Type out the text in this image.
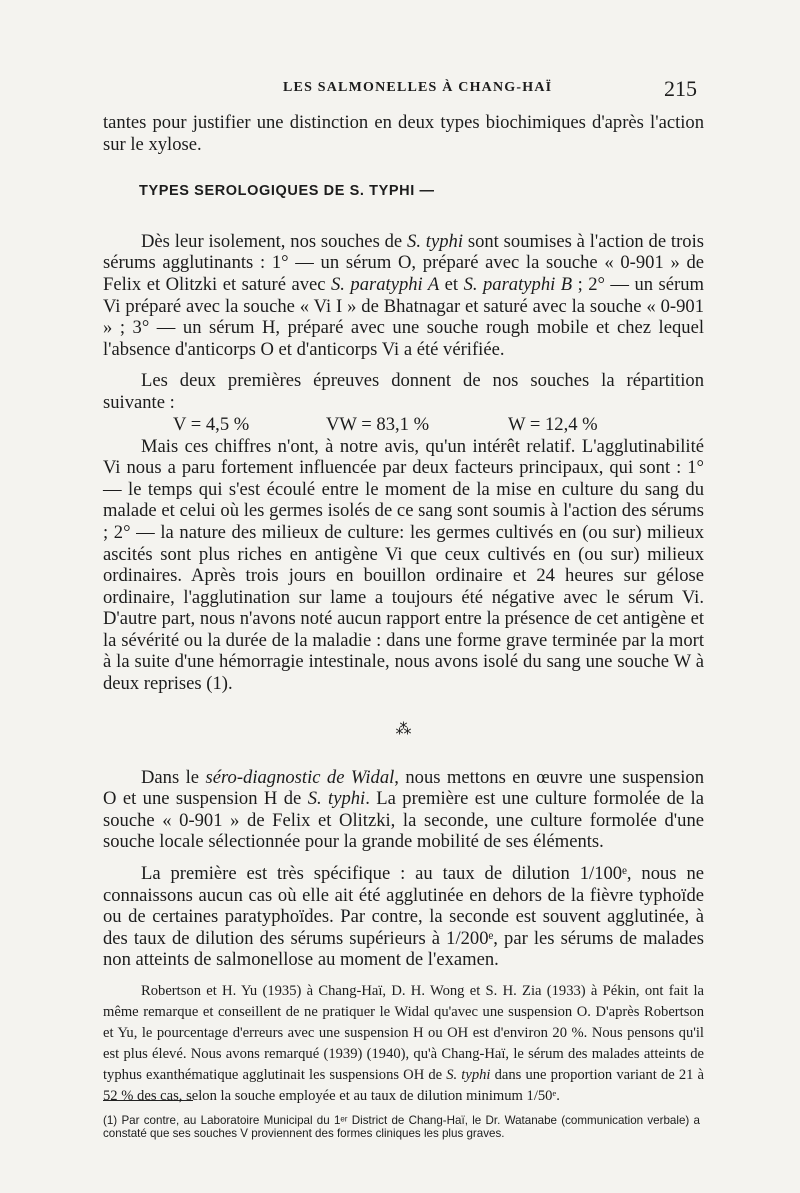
LES SALMONELLES À CHANG-HAÏ	215

tantes pour justifier une distinction en deux types biochimiques d'après l'action sur le xylose.

TYPES SEROLOGIQUES DE S. TYPHI —

Dès leur isolement, nos souches de S. typhi sont soumises à l'action de trois sérums agglutinants : 1° — un sérum O, préparé avec la souche « 0-901 » de Felix et Olitzki et saturé avec S. paratyphi A et S. paratyphi B ; 2° — un sérum Vi préparé avec la souche « Vi I » de Bhatnagar et saturé avec la souche « 0-901 » ; 3° — un sérum H, préparé avec une souche rough mobile et chez lequel l'absence d'anticorps O et d'anticorps Vi a été vérifiée.

Les deux premières épreuves donnent de nos souches la répartition suivante :

V = 4,5 %	VW = 83,1 %	W = 12,4 %

Mais ces chiffres n'ont, à notre avis, qu'un intérêt relatif. L'agglutinabilité Vi nous a paru fortement influencée par deux facteurs principaux, qui sont : 1° — le temps qui s'est écoulé entre le moment de la mise en culture du sang du malade et celui où les germes isolés de ce sang sont soumis à l'action des sérums ; 2° — la nature des milieux de culture: les germes cultivés en (ou sur) milieux ascités sont plus riches en antigène Vi que ceux cultivés en (ou sur) milieux ordinaires. Après trois jours en bouillon ordinaire et 24 heures sur gélose ordinaire, l'agglutination sur lame a toujours été négative avec le sérum Vi. D'autre part, nous n'avons noté aucun rapport entre la présence de cet antigène et la sévérité ou la durée de la maladie : dans une forme grave terminée par la mort à la suite d'une hémorragie intestinale, nous avons isolé du sang une souche W à deux reprises (1).

⁂

Dans le séro-diagnostic de Widal, nous mettons en œuvre une suspension O et une suspension H de S. typhi. La première est une culture formolée de la souche « 0-901 » de Felix et Olitzki, la seconde, une culture formolée d'une souche locale sélectionnée pour la grande mobilité de ses éléments.

La première est très spécifique : au taux de dilution 1/100ᵉ, nous ne connaissons aucun cas où elle ait été agglutinée en dehors de la fièvre typhoïde ou de certaines paratyphoïdes. Par contre, la seconde est souvent agglutinée, à des taux de dilution des sérums supérieurs à 1/200ᵉ, par les sérums de malades non atteints de salmonellose au moment de l'examen.

Robertson et H. Yu (1935) à Chang-Haï, D. H. Wong et S. H. Zia (1933) à Pékin, ont fait la même remarque et conseillent de ne pratiquer le Widal qu'avec une suspension O. D'après Robertson et Yu, le pourcentage d'erreurs avec une suspension H ou OH est d'environ 20 %. Nous pensons qu'il est plus élevé. Nous avons remarqué (1939) (1940), qu'à Chang-Haï, le sérum des malades atteints de typhus exanthématique agglutinait les suspensions OH de S. typhi dans une proportion variant de 21 à 52 % des cas, selon la souche employée et au taux de dilution minimum 1/50ᵉ.

(1) Par contre, au Laboratoire Municipal du 1ᵉʳ District de Chang-Haï, le Dr. Watanabe (communication verbale) a constaté que ses souches V proviennent des formes cliniques les plus graves.
